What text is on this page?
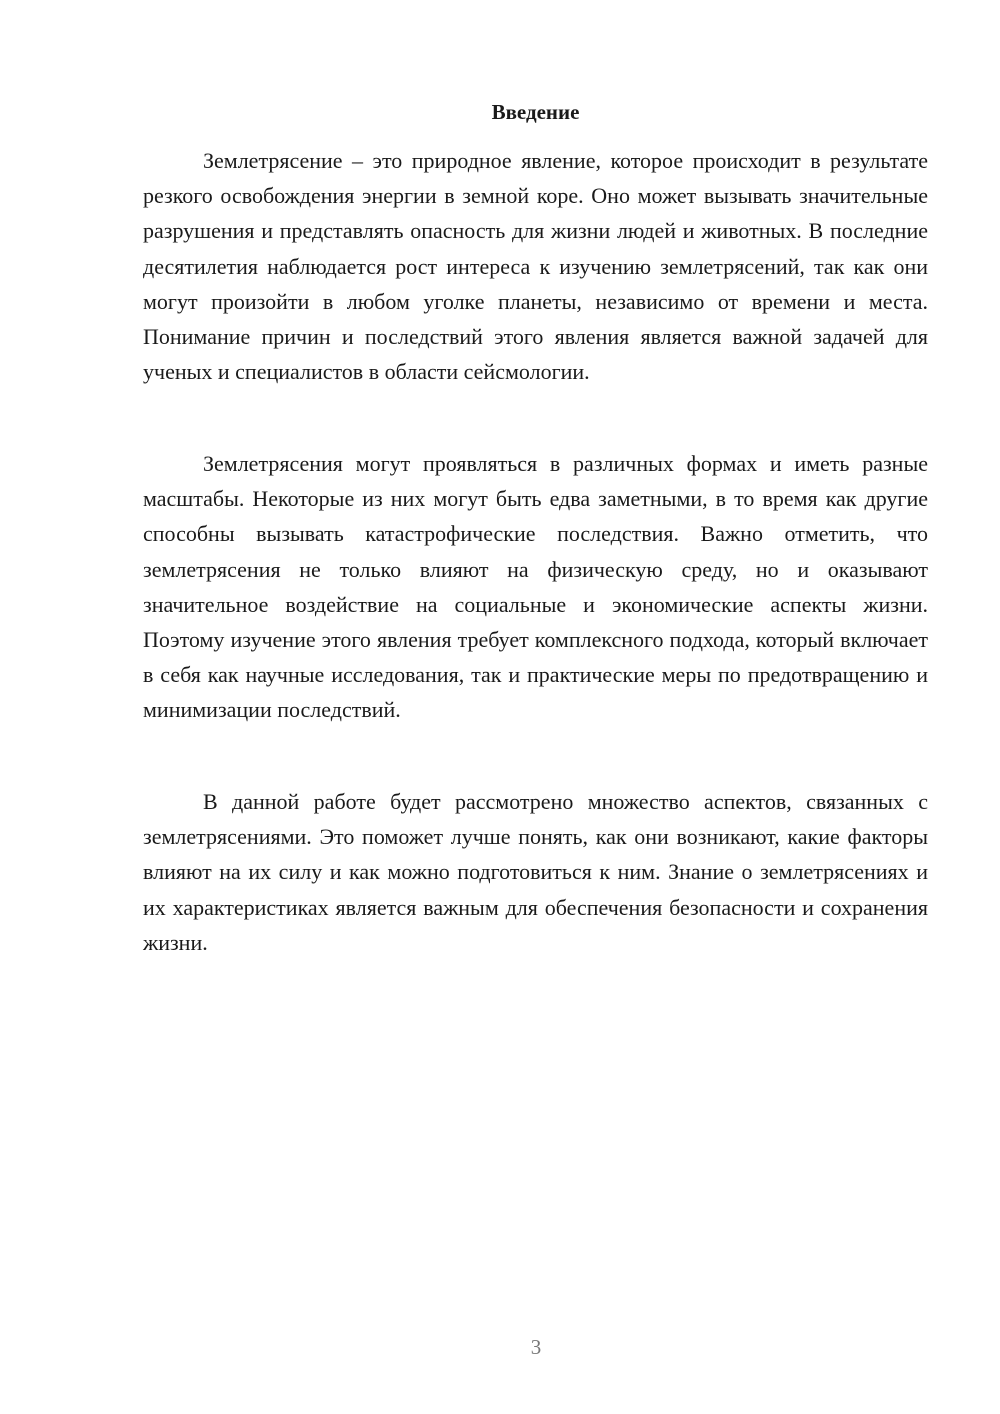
Введение

Землетрясение – это природное явление, которое происходит в результате резкого освобождения энергии в земной коре. Оно может вызывать значительные разрушения и представлять опасность для жизни людей и животных. В последние десятилетия наблюдается рост интереса к изучению землетрясений, так как они могут произойти в любом уголке планеты, независимо от времени и места. Понимание причин и последствий этого явления является важной задачей для ученых и специалистов в области сейсмологии.

Землетрясения могут проявляться в различных формах и иметь разные масштабы. Некоторые из них могут быть едва заметными, в то время как другие способны вызывать катастрофические последствия. Важно отметить, что землетрясения не только влияют на физическую среду, но и оказывают значительное воздействие на социальные и экономические аспекты жизни. Поэтому изучение этого явления требует комплексного подхода, который включает в себя как научные исследования, так и практические меры по предотвращению и минимизации последствий.

В данной работе будет рассмотрено множество аспектов, связанных с землетрясениями. Это поможет лучше понять, как они возникают, какие факторы влияют на их силу и как можно подготовиться к ним. Знание о землетрясениях и их характеристиках является важным для обеспечения безопасности и сохранения жизни.

3
